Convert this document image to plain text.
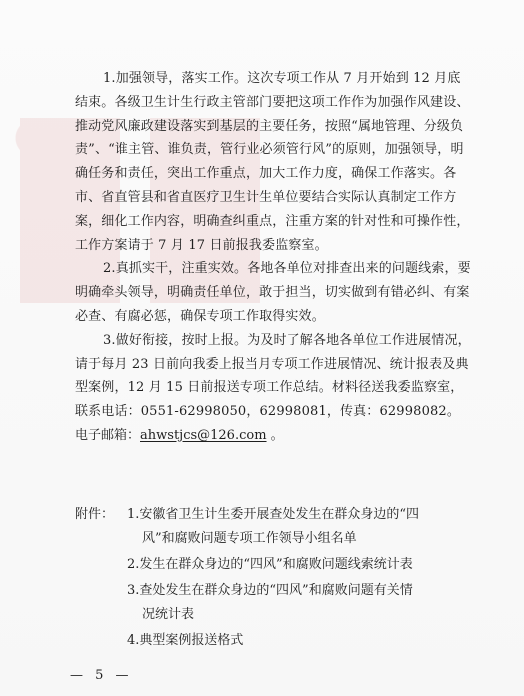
1.加强领导，落实工作。这次专项工作从 7 月开始到 12 月底结束。各级卫生计生行政主管部门要把这项工作作为加强作风建设、推动党风廉政建设落实到基层的主要任务，按照“属地管理、分级负责”、“谁主管、谁负责，管行业必须管行风”的原则，加强领导，明确任务和责任，突出工作重点，加大工作力度，确保工作落实。各市、省直管县和省直医疗卫生计生单位要结合实际认真制定工作方案，细化工作内容，明确查纠重点，注重方案的针对性和可操作性，工作方案请于 7 月 17 日前报我委监察室。

2.真抓实干，注重实效。各地各单位对排查出来的问题线索，要明确牵头领导，明确责任单位，敢于担当，切实做到有错必纠、有案必查、有腐必惩，确保专项工作取得实效。

3.做好衔接，按时上报。为及时了解各地各单位工作进展情况，请于每月 23 日前向我委上报当月专项工作进展情况、统计报表及典型案例，12 月 15 日前报送专项工作总结。材料径送我委监察室，联系电话：0551-62998050，62998081，传真：62998082。

电子邮箱：ahwstjcs@126.com 。
附件： 1.安徽省卫生计生委开展查处发生在群众身边的“四
风”和腐败问题专项工作领导小组名单
2.发生在群众身边的“四风”和腐败问题线索统计表
3.查处发生在群众身边的“四风”和腐败问题有关情
况统计表
4.典型案例报送格式
— 5 —
